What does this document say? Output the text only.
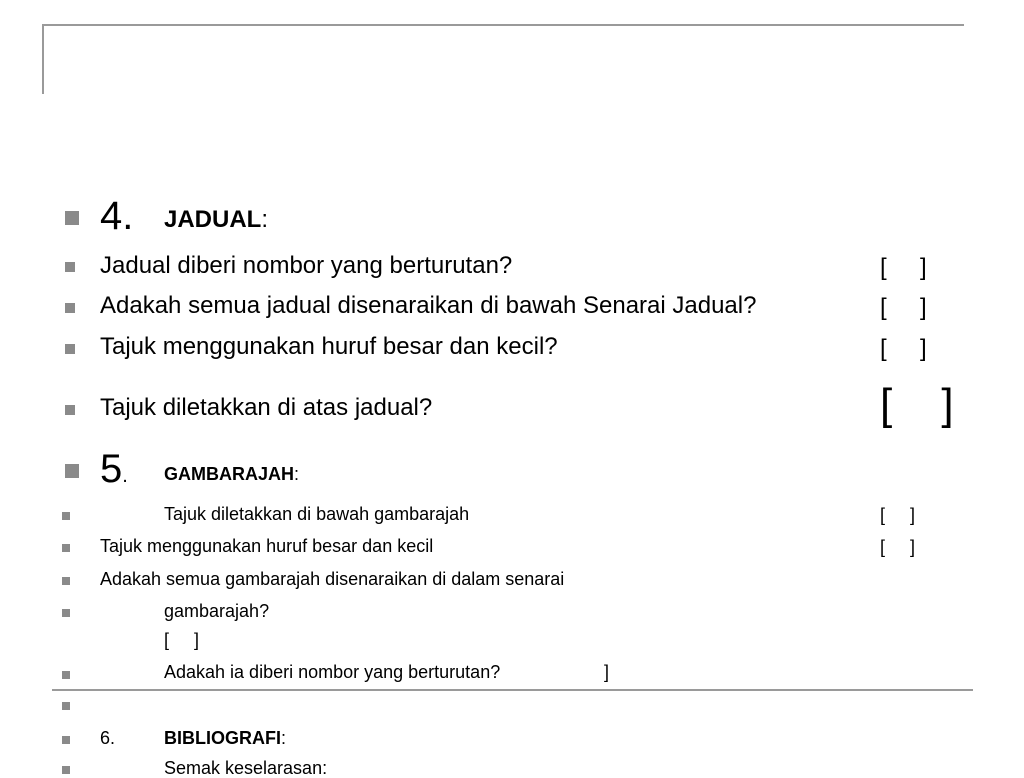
4. JADUAL:
Jadual diberi nombor yang berturutan?	[     ]
Adakah semua jadual disenaraikan di bawah Senarai Jadual?	[     ]
Tajuk menggunakan huruf besar dan kecil?	[     ]
Tajuk diletakkan di atas jadual?	[     ]
5. GAMBARAJAH:
Tajuk diletakkan di bawah gambarajah	[     ]
Tajuk menggunakan huruf besar dan kecil	[     ]
Adakah semua gambarajah disenaraikan di dalam senarai
gambarajah?
[     ]
Adakah ia diberi nombor yang berturutan?	]
6.	BIBLIOGRAFI:
Semak keselarasan:
